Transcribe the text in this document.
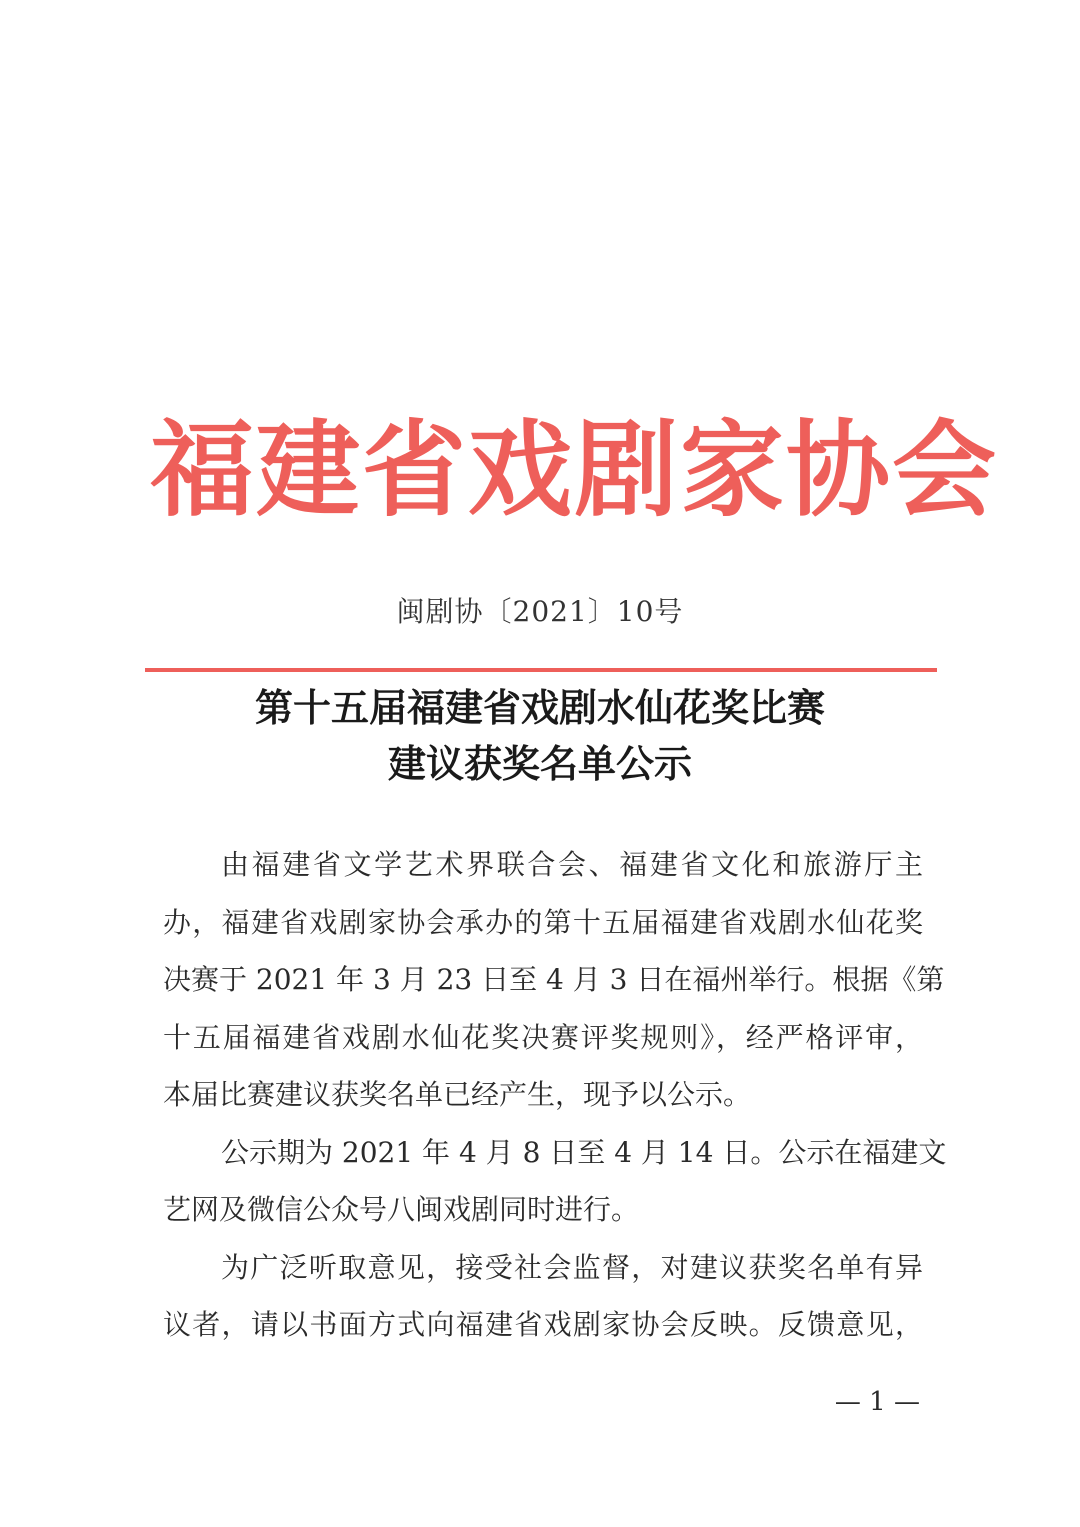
福建省戏剧家协会
闽剧协〔2021〕10号
第十五届福建省戏剧水仙花奖比赛
建议获奖名单公示
由福建省文学艺术界联合会、福建省文化和旅游厅主
办，福建省戏剧家协会承办的第十五届福建省戏剧水仙花奖
决赛于 2021 年 3 月 23 日至 4 月 3 日在福州举行。根据《第
十五届福建省戏剧水仙花奖决赛评奖规则》，经严格评审，
本届比赛建议获奖名单已经产生，现予以公示。
公示期为 2021 年 4 月 8 日至 4 月 14 日。公示在福建文
艺网及微信公众号八闽戏剧同时进行。
为广泛听取意见，接受社会监督，对建议获奖名单有异
议者，请以书面方式向福建省戏剧家协会反映。反馈意见，
— 1 —
